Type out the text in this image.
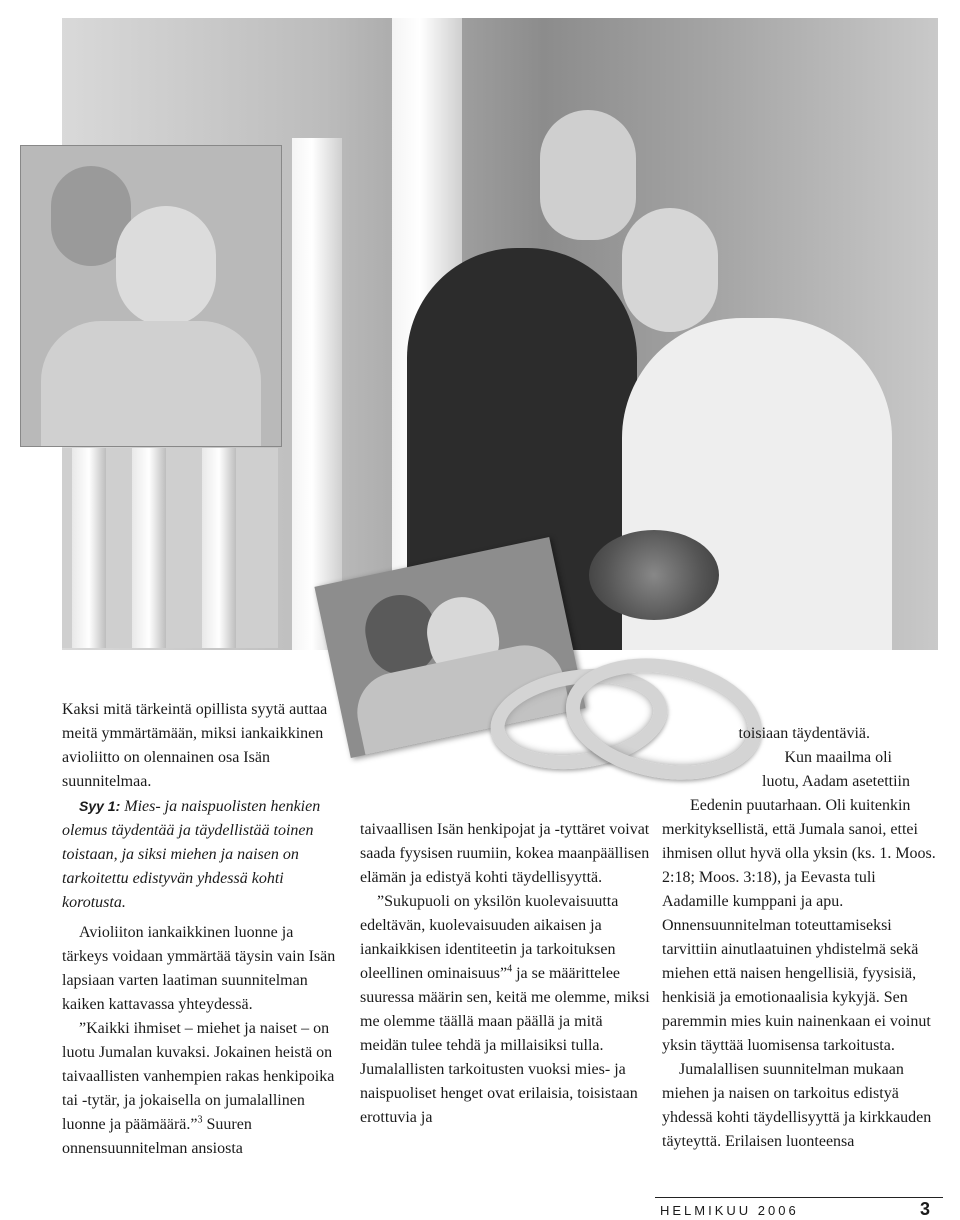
Kaksi mitä tärkeintä opillista syytä auttaa meitä ymmärtämään, miksi iankaikkinen avioliitto on olennainen osa Isän suunnitelmaa.

Syy 1: Mies- ja naispuolisten henkien olemus täydentää ja täydellistää toinen toistaan, ja siksi miehen ja naisen on tarkoitettu edistyvän yhdessä kohti korotusta.

Avioliiton iankaikkinen luonne ja tärkeys voidaan ymmärtää täysin vain Isän lapsiaan varten laatiman suunnitelman kaiken kattavassa yhteydessä.

”Kaikki ihmiset – miehet ja naiset – on luotu Jumalan kuvaksi. Jokainen heistä on taivaallisten vanhempien rakas henkipoika tai -tytär, ja jokaisella on jumalallinen luonne ja päämäärä.”$^3$ Suuren onnensuunnitelman ansiosta

taivaallisen Isän henkipojat ja -tyttäret voivat saada fyysisen ruumiin, kokea maanpäällisen elämän ja edistyä kohti täydellisyyttä.

”Sukupuoli on yksilön kuolevaisuutta edeltävän, kuolevaisuuden aikaisen ja iankaikkisen identiteetin ja tarkoituksen oleellinen ominaisuus”$^4$ ja se määrittelee suuressa määrin sen, keitä me olemme, miksi me olemme täällä maan päällä ja mitä meidän tulee tehdä ja millaisiksi tulla. Jumalallisten tarkoitusten vuoksi mies- ja naispuoliset henget ovat erilaisia, toisistaan erottuvia ja

toisiaan täydentäviä.

Kun maailma oli

luotu, Aadam asetettiin

Eedenin puutarhaan. Oli kuitenkin merkityksellistä, että Jumala sanoi, ettei ihmisen ollut hyvä olla yksin (ks. 1. Moos. 2:18; Moos. 3:18), ja Eevasta tuli Aadamille kumppani ja apu. Onnensuunnitelman toteuttamiseksi tarvittiin ainutlaatuinen yhdistelmä sekä miehen että naisen hengellisiä, fyysisiä, henkisiä ja emotionaalisia kykyjä. Sen paremmin mies kuin nainenkaan ei voinut yksin täyttää luomisensa tarkoitusta.

Jumalallisen suunnitelman mukaan miehen ja naisen on tarkoitus edistyä yhdessä kohti täydellisyyttä ja kirkkauden täyteyttä. Erilaisen luonteensa

HELMIKUU 2006	3
